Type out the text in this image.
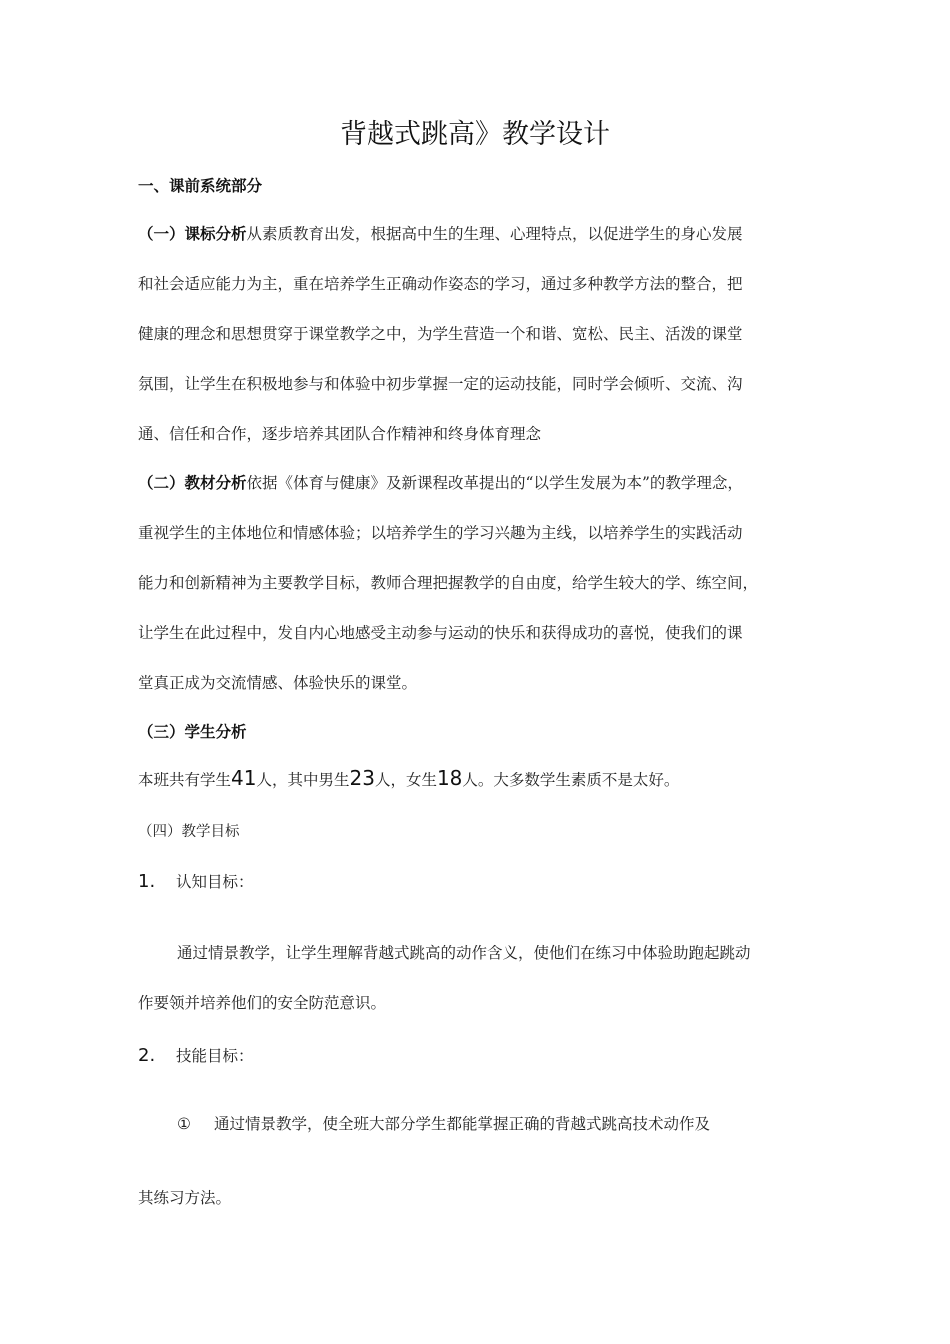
背越式跳高》教学设计
一、课前系统部分
（一）课标分析从素质教育出发，根据高中生的生理、心理特点，以促进学生的身心发展
和社会适应能力为主，重在培养学生正确动作姿态的学习，通过多种教学方法的整合，把
健康的理念和思想贯穿于课堂教学之中，为学生营造一个和谐、宽松、民主、活泼的课堂
氛围，让学生在积极地参与和体验中初步掌握一定的运动技能，同时学会倾听、交流、沟
通、信任和合作，逐步培养其团队合作精神和终身体育理念
（二）教材分析依据《体育与健康》及新课程改革提出的“以学生发展为本”的教学理念，
重视学生的主体地位和情感体验；以培养学生的学习兴趣为主线，以培养学生的实践活动
能力和创新精神为主要教学目标，教师合理把握教学的自由度，给学生较大的学、练空间，
让学生在此过程中，发自内心地感受主动参与运动的快乐和获得成功的喜悦，使我们的课
堂真正成为交流情感、体验快乐的课堂。
（三）学生分析
本班共有学生41人，其中男生23人，女生18人。大多数学生素质不是太好。
（四）教学目标
1. 认知目标：
通过情景教学，让学生理解背越式跳高的动作含义，使他们在练习中体验助跑起跳动
作要领并培养他们的安全防范意识。
2. 技能目标：
① 通过情景教学，使全班大部分学生都能掌握正确的背越式跳高技术动作及
其练习方法。
